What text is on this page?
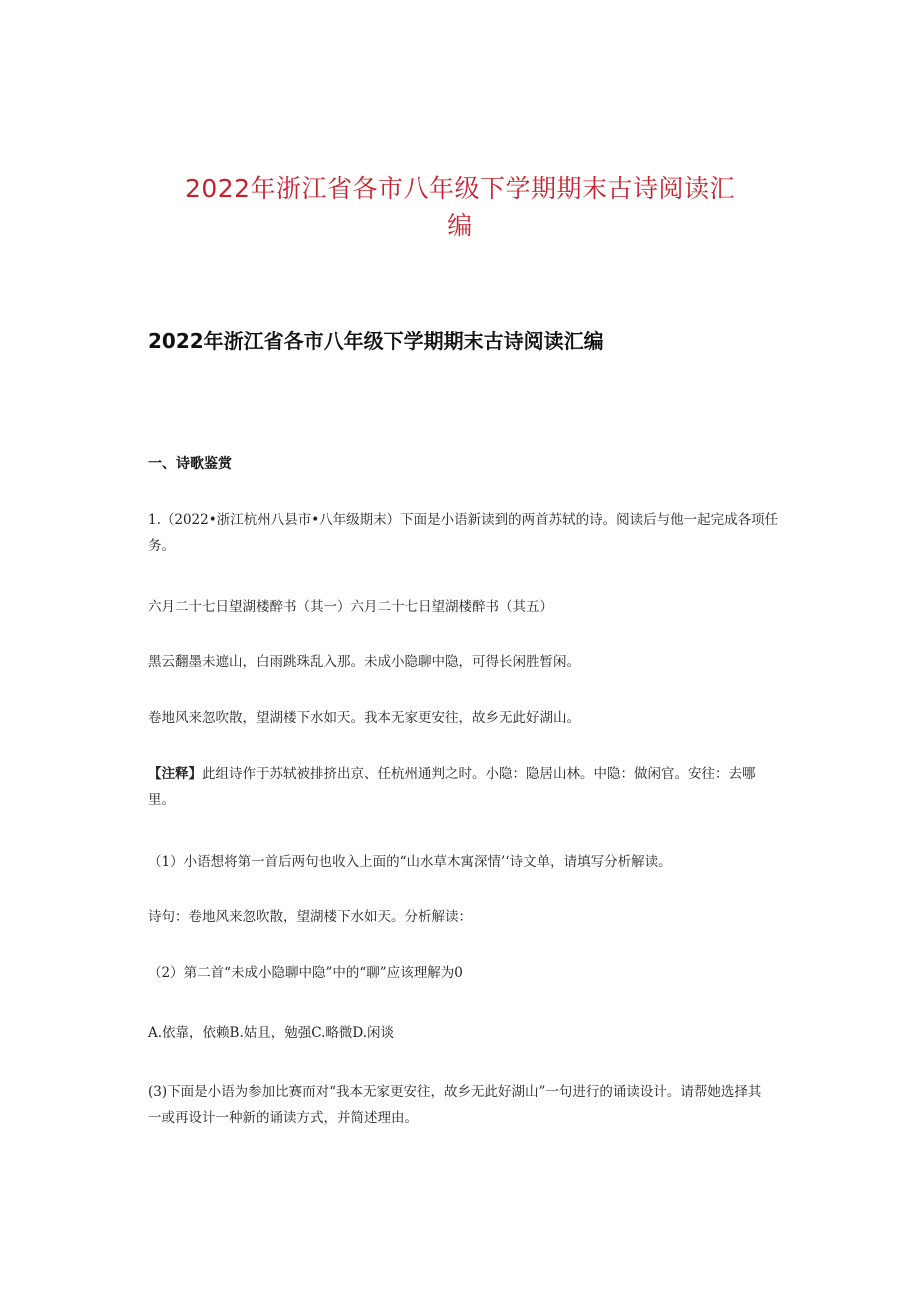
2022年浙江省各市八年级下学期期末古诗阅读汇
编
2022年浙江省各市八年级下学期期末古诗阅读汇编
一、诗歌鉴赏
1.（2022•浙江杭州八县市•八年级期末）下面是小语新读到的两首苏轼的诗。阅读后与他一起完成各项任
务。
六月二十七日望湖楼醉书（其一）六月二十七日望湖楼醉书（其五）
黑云翻墨未遮山，白雨跳珠乱入那。未成小隐聊中隐，可得长闲胜暂闲。
卷地风来忽吹散，望湖楼下水如天。我本无家更安往，故乡无此好湖山。
【注释】此组诗作于苏轼被排挤出京、任杭州通判之时。小隐：隐居山林。中隐：做闲官。安往：去哪
里。
（1）小语想将第一首后两句也收入上面的“山水草木寓深情’‘诗文单，请填写分析解读。
诗句：卷地风来忽吹散，望湖楼下水如天。分析解读：
（2）第二首“未成小隐聊中隐”中的“聊”应该理解为0
A.依靠，依赖B.姑且，勉强C.略微D.闲谈
(3)下面是小语为参加比赛而对“我本无家更安往，故乡无此好湖山”一句进行的诵读设计。请帮她选择其
一或再设计一种新的诵读方式，并简述理由。
